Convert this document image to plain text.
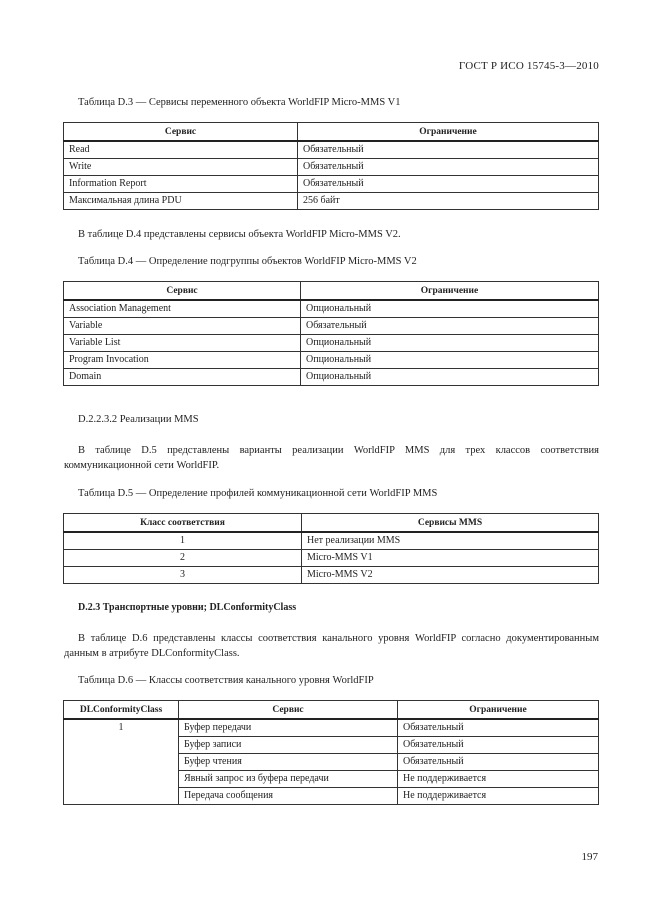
ГОСТ Р ИСО 15745-3—2010
Таблица D.3 — Сервисы переменного объекта WorldFIP Micro-MMS V1
Сервис	Ограничение
Read	Обязательный
Write	Обязательный
Information Report	Обязательный
Максимальная длина PDU	256 байт
В таблице D.4 представлены сервисы объекта WorldFIP Micro-MMS V2.
Таблица D.4 — Определение подгруппы объектов WorldFIP Micro-MMS V2
Сервис	Ограничение
Association Management	Опциональный
Variable	Обязательный
Variable List	Опциональный
Program Invocation	Опциональный
Domain	Опциональный
D.2.2.3.2 Реализации MMS
В таблице D.5 представлены варианты реализации WorldFIP MMS для трех классов соответствия коммуникационной сети WorldFIP.
Таблица D.5 — Определение профилей коммуникационной сети WorldFIP MMS
Класс соответствия	Сервисы MMS
1	Нет реализации MMS
2	Micro-MMS V1
3	Micro-MMS V2
D.2.3 Транспортные уровни; DLConformityClass
В таблице D.6 представлены классы соответствия канального уровня WorldFIP согласно документированным данным в атрибуте DLConformityClass.
Таблица D.6 — Классы соответствия канального уровня WorldFIP
DLConformityClass	Сервис	Ограничение
1	Буфер передачи	Обязательный
	Буфер записи	Обязательный
	Буфер чтения	Обязательный
	Явный запрос из буфера передачи	Не поддерживается
	Передача сообщения	Не поддерживается
197
